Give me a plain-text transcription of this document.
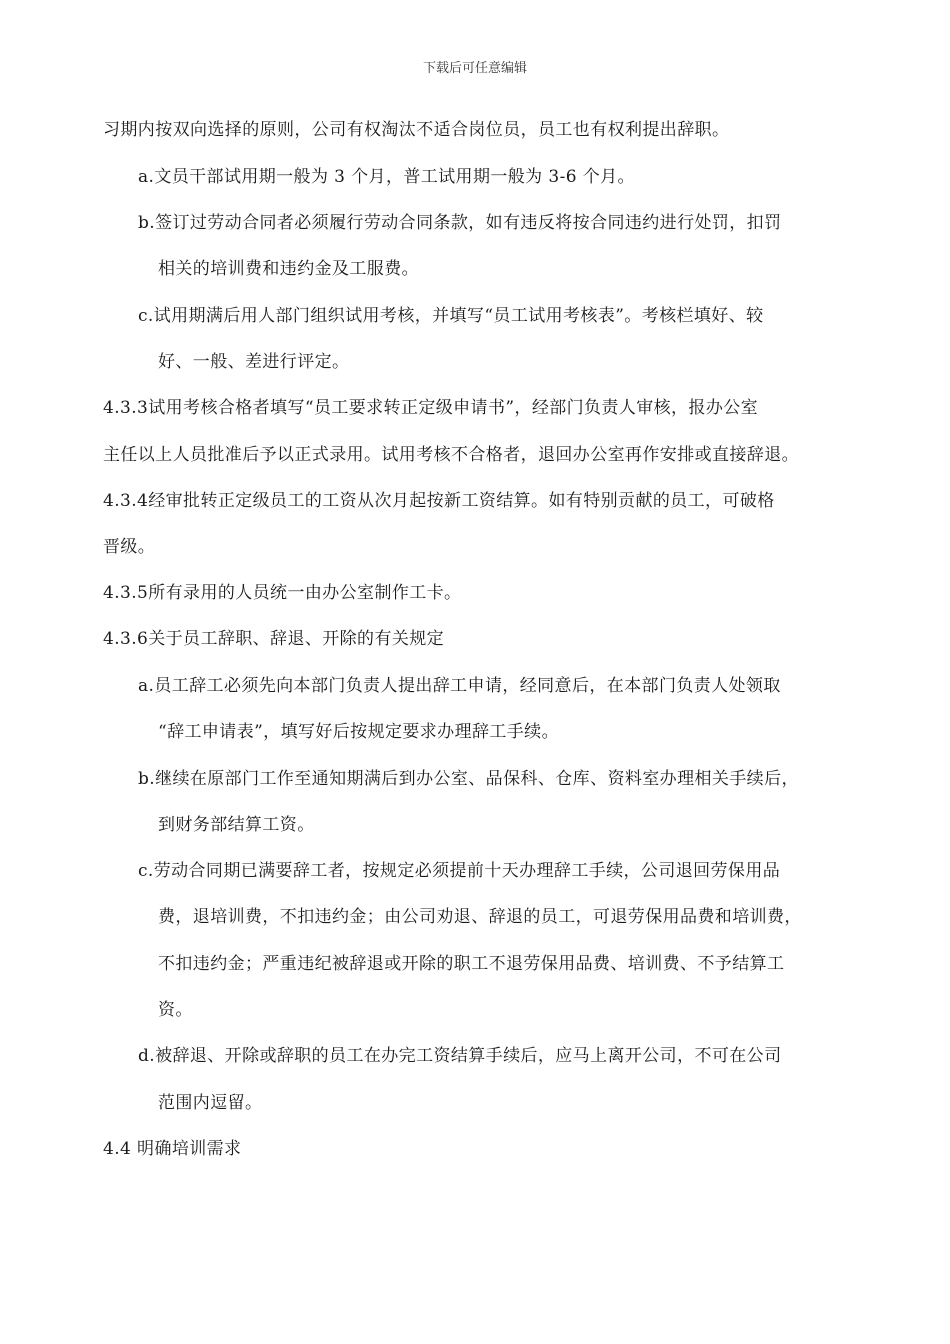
下载后可任意编辑
习期内按双向选择的原则，公司有权淘汰不适合岗位员，员工也有权利提出辞职。
a.文员干部试用期一般为 3 个月，普工试用期一般为 3-6 个月。
b.签订过劳动合同者必须履行劳动合同条款，如有违反将按合同违约进行处罚，扣罚
相关的培训费和违约金及工服费。
c.试用期满后用人部门组织试用考核，并填写“员工试用考核表”。考核栏填好、较
好、一般、差进行评定。
4.3.3试用考核合格者填写“员工要求转正定级申请书”，经部门负责人审核，报办公室
主任以上人员批准后予以正式录用。试用考核不合格者，退回办公室再作安排或直接辞退。
4.3.4经审批转正定级员工的工资从次月起按新工资结算。如有特别贡献的员工，可破格
晋级。
4.3.5所有录用的人员统一由办公室制作工卡。
4.3.6关于员工辞职、辞退、开除的有关规定
a.员工辞工必须先向本部门负责人提出辞工申请，经同意后，在本部门负责人处领取
“辞工申请表”，填写好后按规定要求办理辞工手续。
b.继续在原部门工作至通知期满后到办公室、品保科、仓库、资料室办理相关手续后，
到财务部结算工资。
c.劳动合同期已满要辞工者，按规定必须提前十天办理辞工手续，公司退回劳保用品
费，退培训费，不扣违约金；由公司劝退、辞退的员工，可退劳保用品费和培训费，
不扣违约金；严重违纪被辞退或开除的职工不退劳保用品费、培训费、不予结算工
资。
d.被辞退、开除或辞职的员工在办完工资结算手续后，应马上离开公司，不可在公司
范围内逗留。
4.4 明确培训需求
